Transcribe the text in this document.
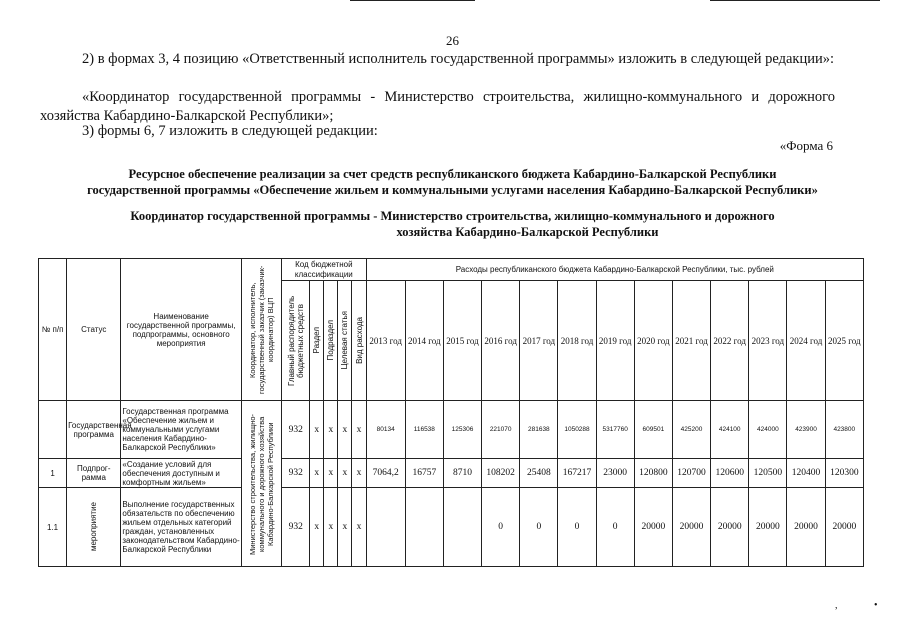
26
2) в формах 3, 4 позицию «Ответственный исполнитель государственной программы» изложить в следующей редакции»:
«Координатор государственной программы - Министерство строительства, жилищно-коммунального и дорожного хозяйства Кабардино-Балкарской Республики»;
3) формы 6, 7 изложить в следующей редакции:
«Форма 6
Ресурсное обеспечение реализации за счет средств республиканского бюджета Кабардино-Балкарской Республики
государственной программы «Обеспечение жильем и коммунальными услугами населения Кабардино-Балкарской Республики»
Координатор государственной программы - Министерство строительства, жилищно-коммунального и дорожного
хозяйства Кабардино-Балкарской Республики
№ п/п	Статус	Наименование государственной программы, подпрограммы, основного мероприятия	Координатор, исполнитель, государственный заказчик (заказчик-координатор) ВЦП	Код бюджетной классификации					Расходы республиканского бюджета Кабардино-Балкарской Республики, тыс. рублей												

				Главный распорядитель бюджетных средств	Раздел	Подраздел	Целевая статья	Вид расхода	2013 год	2014 год	2015 год	2016 год	2017 год	2018 год	2019 год	2020 год	2021 год	2022 год	2023 год	2024 год	2025 год
	Государственная программа	Государственная программа «Обеспечение жильем и коммунальными услугами населения Кабардино-Балкарской Республики»	Министерство строительства, жилищно-коммунального и дорожного хозяйства Кабардино-Балкарской Республики	932	x	x	x	x	80134	116538	125306	221070	281638	1050288	5317760	609501	425200	424100	424000	423900	423800
1	Подпрог-рамма	«Создание условий для обеспечения доступным и комфортным жильем»		932	x	x	x	x	7064,2	16757	8710	108202	25408	167217	23000	120800	120700	120600	120500	120400	120300
1.1	мероприятие	Выполнение государственных обязательств по обеспечению жильем отдельных категорий граждан, установленных законодательством Кабардино-Балкарской Республики		932	x	x	x	x				0	0	0	0	20000	20000	20000	20000	20000	20000
,	•
